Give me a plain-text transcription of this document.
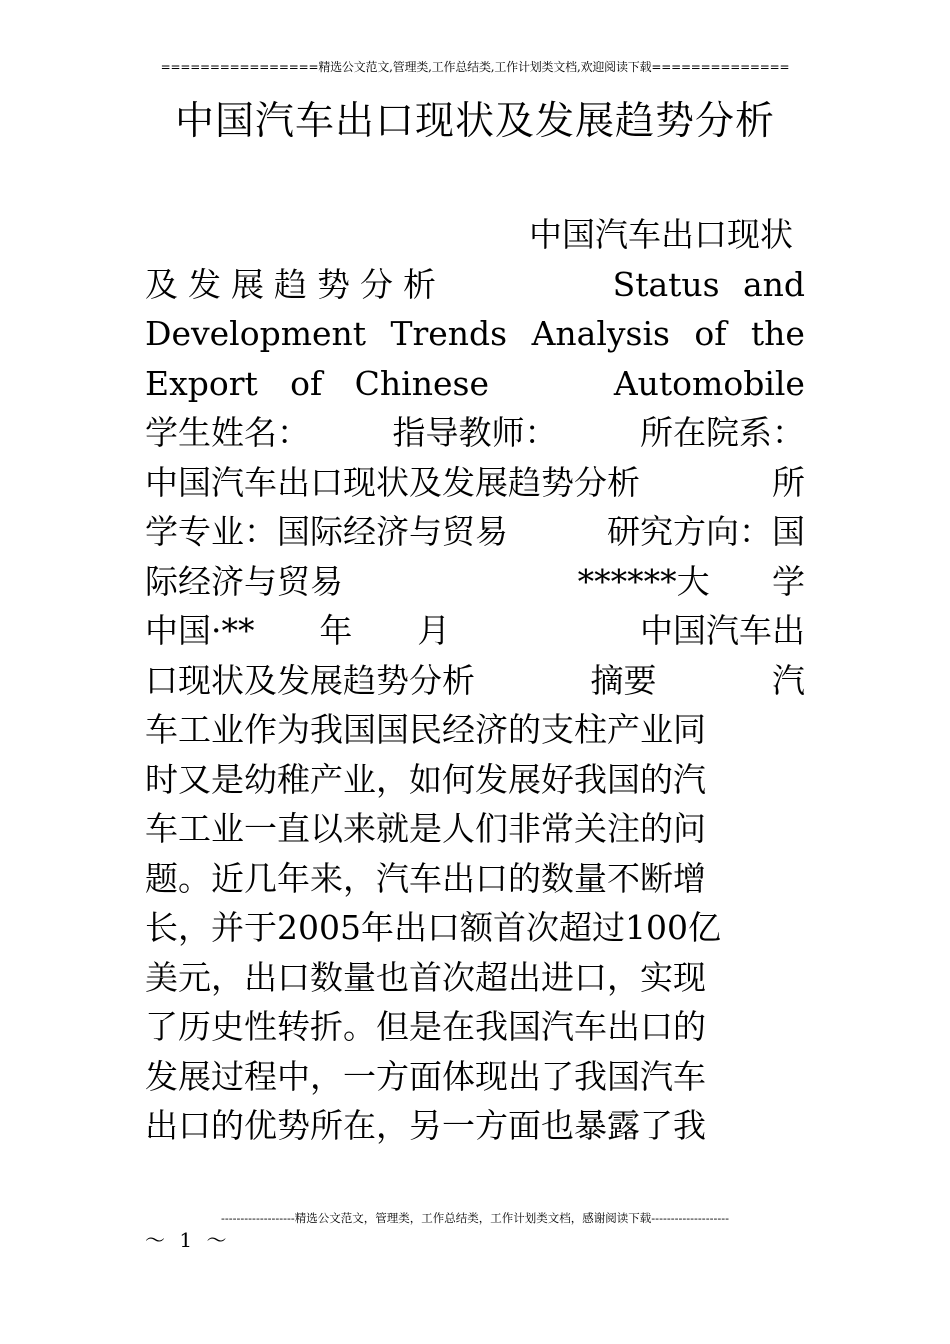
================精选公文范文,管理类,工作总结类,工作计划类文档,欢迎阅读下载==============
中国汽车出口现状及发展趋势分析
中国汽车出口现状
及发展趋势分析	Status and
Development Trends Analysis of the
Export of Chinese	Automobile
学生姓名：	指导教师：	所在院系：
中国汽车出口现状及发展趋势分析	所
学专业：国际经济与贸易	研究方向：国
际经济与贸易	******大 学
中国·** 年 月	中国汽车出
口现状及发展趋势分析	摘要	汽
车工业作为我国国民经济的支柱产业同
时又是幼稚产业，如何发展好我国的汽
车工业一直以来就是人们非常关注的问
题。近几年来，汽车出口的数量不断增
长，并于2005年出口额首次超过100亿
美元，出口数量也首次超出进口，实现
了历史性转折。但是在我国汽车出口的
发展过程中，一方面体现出了我国汽车
出口的优势所在，另一方面也暴露了我
-------------------精选公文范文，管理类，工作总结类，工作计划类文档，感谢阅读下载--------------------
～ 1 ～
